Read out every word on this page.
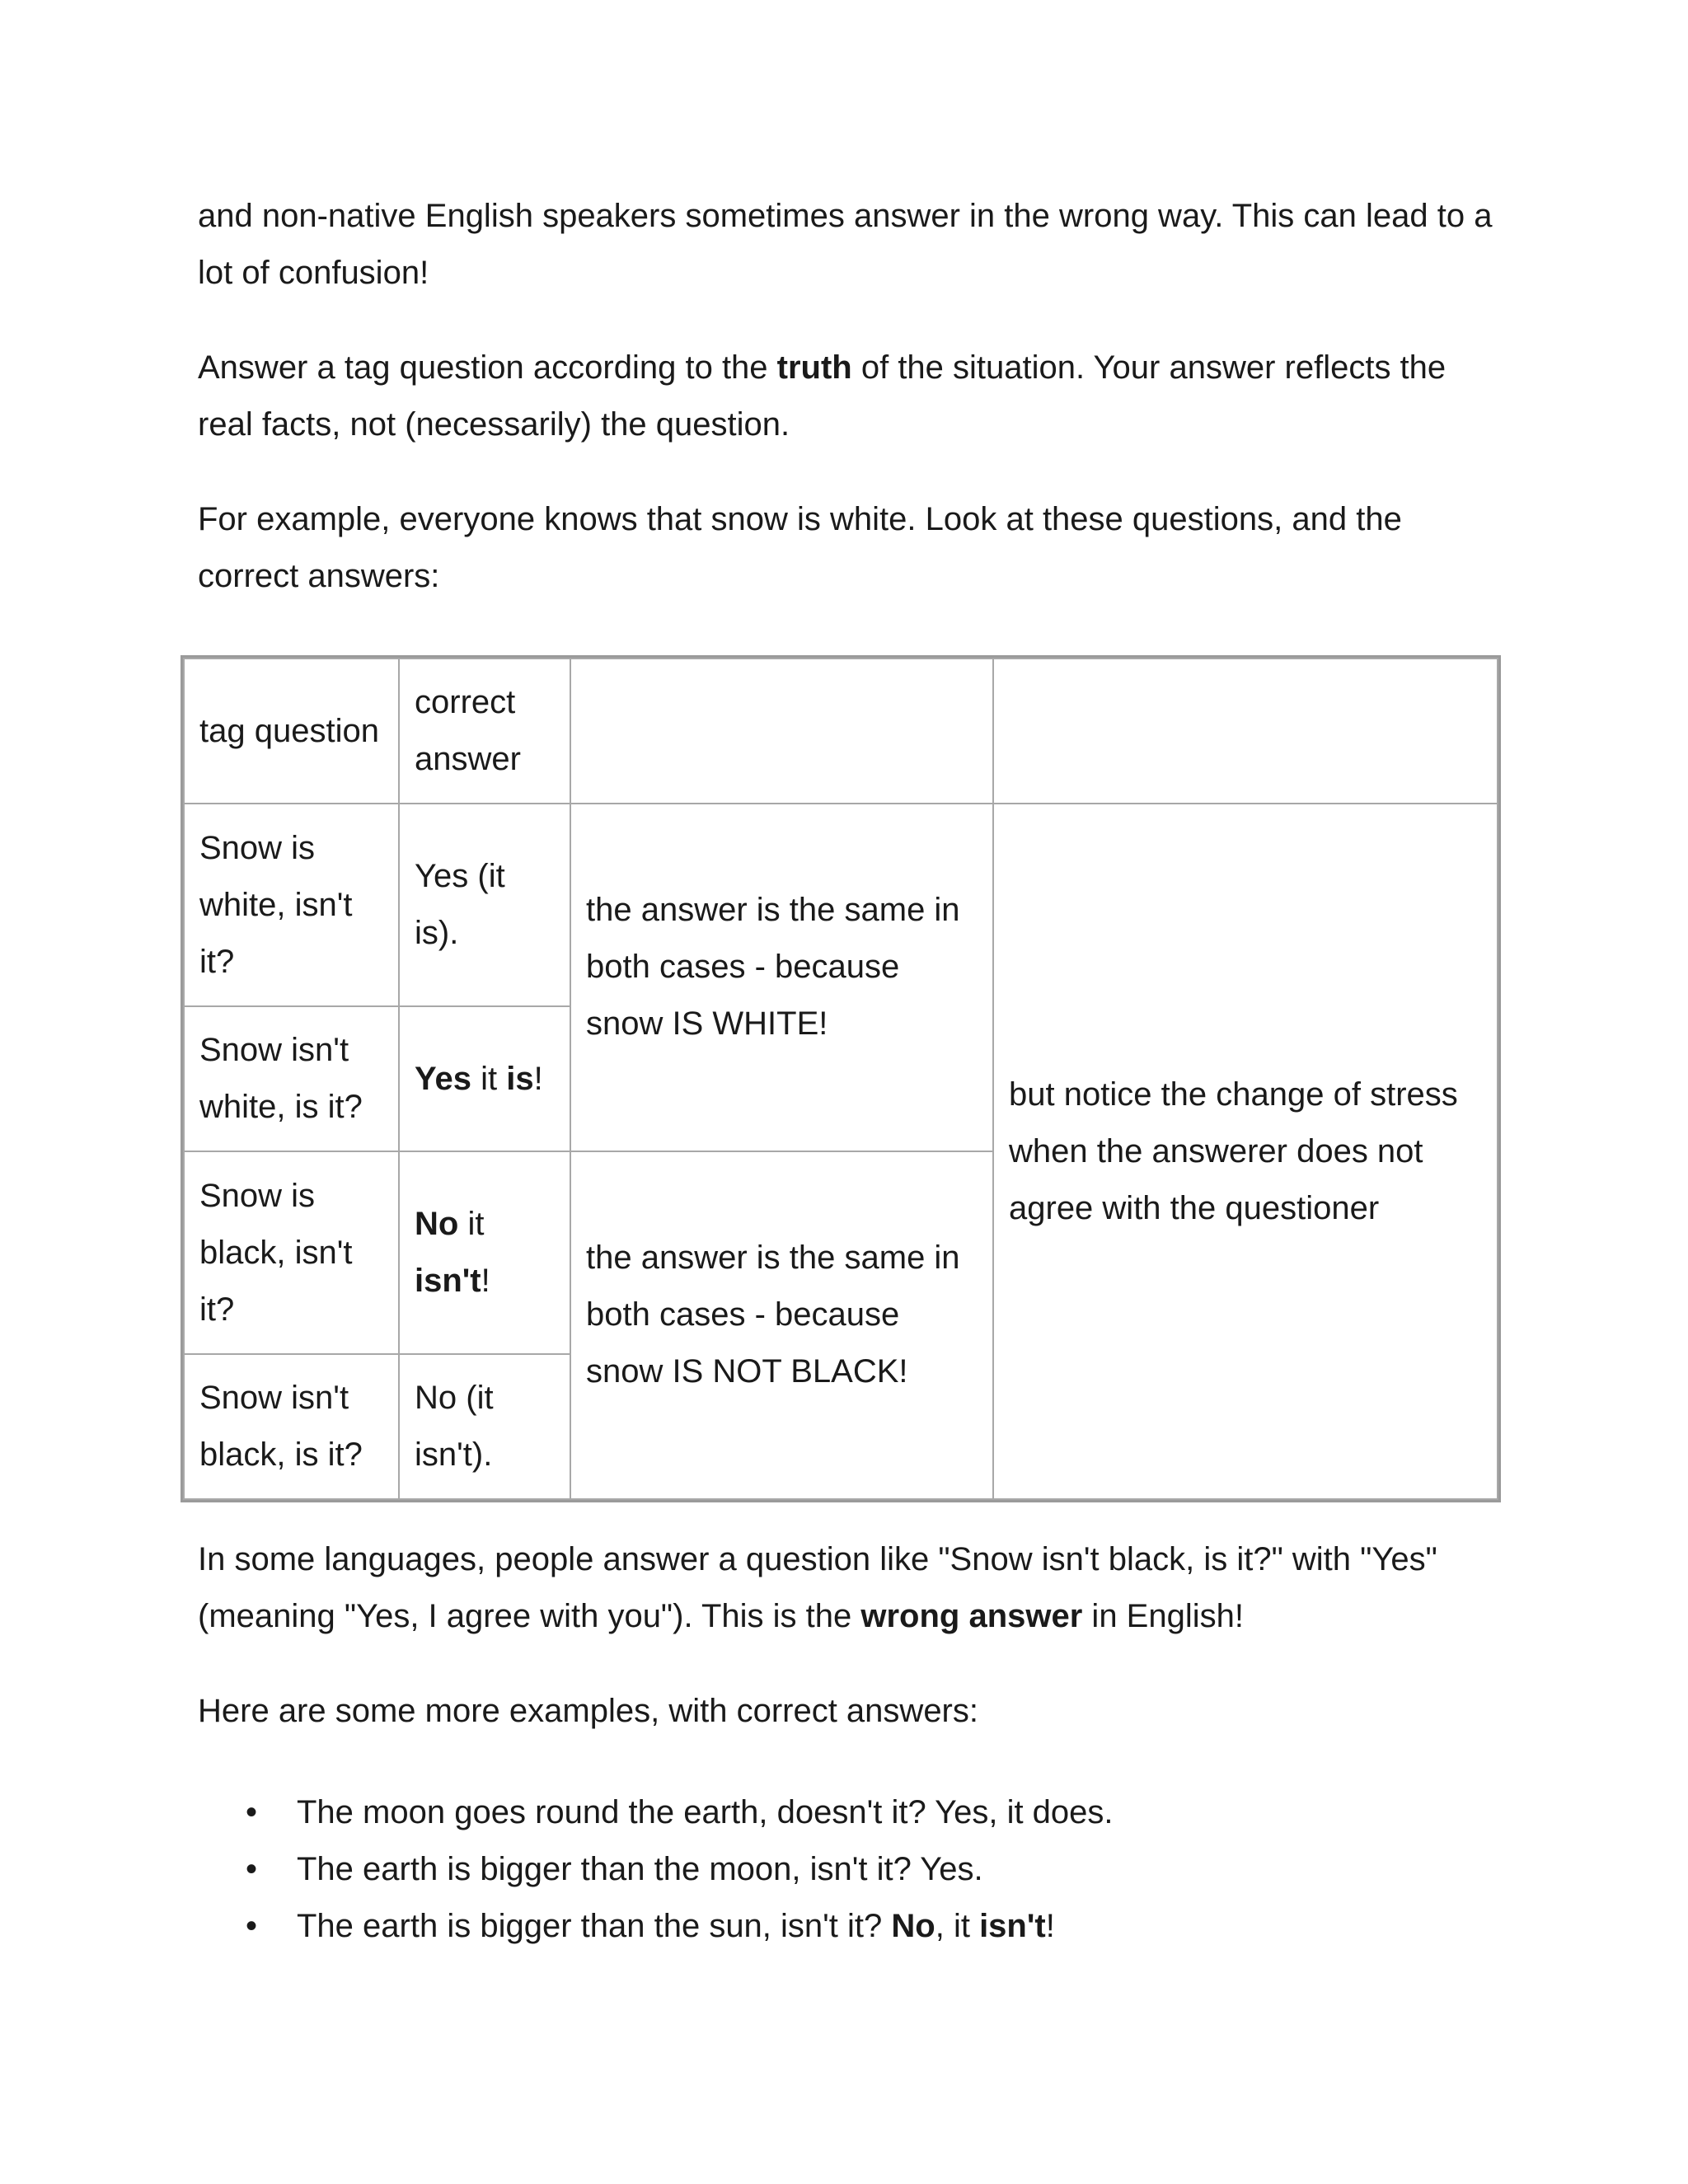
and non-native English speakers sometimes answer in the wrong way. This can lead to a lot of confusion!

Answer a tag question according to the truth of the situation. Your answer reflects the real facts, not (necessarily) the question.

For example, everyone knows that snow is white. Look at these questions, and the correct answers:

tag question
correct answer
Snow is white, isn't it?
Yes (it is).
Snow isn't white, is it?
Yes it is!
the answer is the same in both cases - because snow IS WHITE!
Snow is black, isn't it?
No it
isn't!
Snow isn't black, is it?
No (it isn't).
the answer is the same in both cases - because snow IS NOT BLACK!
but notice the change of stress when the answerer does not agree with the questioner

In some languages, people answer a question like "Snow isn't black, is it?" with "Yes" (meaning "Yes, I agree with you"). This is the wrong answer in English!

Here are some more examples, with correct answers:

• The moon goes round the earth, doesn't it? Yes, it does.
• The earth is bigger than the moon, isn't it? Yes.
• The earth is bigger than the sun, isn't it? No, it isn't!
